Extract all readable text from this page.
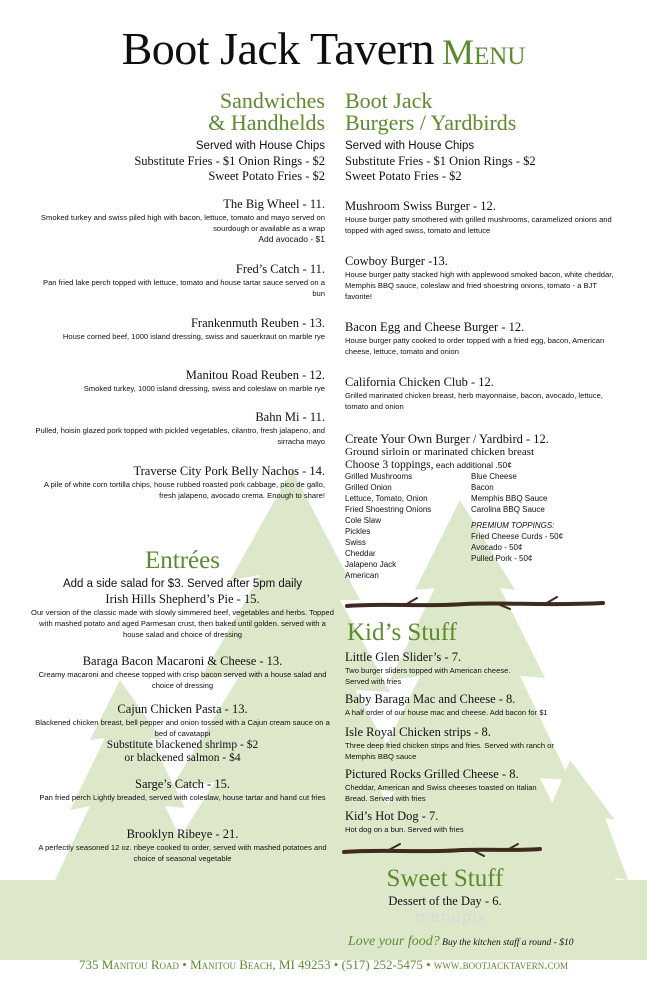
Boot Jack Tavern Menu
Sandwiches
& Handhelds
Served with House Chips
Substitute Fries - $1 Onion Rings - $2
Sweet Potato Fries - $2
The Big Wheel - 11.
Smoked turkey and swiss piled high with bacon, lettuce, tomato and mayo served on sourdough or available as a wrap
Add avocado - $1
Fred’s Catch - 11.
Pan fried lake perch topped with lettuce, tomato and house tartar sauce served on a bun
Frankenmuth Reuben - 13.
House corned beef, 1000 island dressing, swiss and sauerkraut on marble rye
Manitou Road Reuben - 12.
Smoked turkey, 1000 island dressing, swiss and coleslaw on marble rye
Bahn Mi - 11.
Pulled, hoisin glazed pork topped with pickled vegetables, cilantro, fresh jalapeno, and sirracha mayo
Traverse City Pork Belly Nachos - 14.
A pile of white corn tortilla chips, house rubbed roasted pork cabbage, pico de gallo, fresh jalapeno, avocado crema. Enough to share!
Entrées
Add a side salad for $3. Served after 5pm daily
Irish Hills Shepherd’s Pie - 15.
Our version of the classic made with slowly simmered beef, vegetables and herbs. Topped with mashed potato and aged Parmesan crust, then baked until golden. served with a house salad and choice of dressing
Baraga Bacon Macaroni & Cheese - 13.
Creamy macaroni and cheese topped with crisp bacon served with a house salad and choice of dressing
Cajun Chicken Pasta - 13.
Blackened chicken breast, bell pepper and onion tossed with a Cajun cream sauce on a bed of cavatappi
Substitute blackened shrimp - $2
or blackened salmon - $4
Sarge’s Catch - 15.
Pan fried perch Lightly breaded, served with coleslaw, house tartar and hand cut fries
Brooklyn Ribeye - 21.
A perfectly seasoned 12 oz. ribeye cooked to order, served with mashed potatoes and choice of seasonal vegetable
Boot Jack
Burgers / Yardbirds
Served with House Chips
Substitute Fries - $1 Onion Rings - $2
Sweet Potato Fries - $2
Mushroom Swiss Burger - 12.
House burger patty smothered with grilled mushrooms, caramelized onions and topped with aged swiss, tomato and lettuce
Cowboy Burger -13.
House burger patty stacked high with applewood smoked bacon, white cheddar, Memphis BBQ sauce, coleslaw and fried shoestring onions, tomato - a BJT favorite!
Bacon Egg and Cheese Burger - 12.
House burger patty cooked to order topped with a fried egg, bacon, American cheese, lettuce, tomato and onion
California Chicken Club - 12.
Grilled marinated chicken breast, herb mayonnaise, bacon, avocado, lettuce, tomato and onion
Create Your Own Burger / Yardbird - 12.
Ground sirloin or marinated chicken breast
Choose 3 toppings, each additional .50¢
Grilled Mushrooms
Grilled Onion
Lettuce, Tomato, Onion
Fried Shoestring Onions
Cole Slaw
Pickles
Swiss
Cheddar
Jalapeno Jack
American
Blue Cheese
Bacon
Memphis BBQ Sauce
Carolina BBQ Sauce
PREMIUM TOPPINGS:
Fried Cheese Curds - 50¢
Avocado - 50¢
Pulled Pork - 50¢
Kid’s Stuff
Little Glen Slider’s - 7.
Two burger sliders topped with American cheese. Served with fries
Baby Baraga Mac and Cheese - 8.
A half order of our house mac and cheese. Add bacon for $1
Isle Royal Chicken strips - 8.
Three deep fried chicken strips and fries. Served with ranch or Memphis BBQ sauce
Pictured Rocks Grilled Cheese - 8.
Cheddar, American and Swiss cheeses toasted on Italian Bread. Served with fries
Kid’s Hot Dog - 7.
Hot dog on a bun. Served with fries
Sweet Stuff
Dessert of the Day - 6.
menupix
Love your food? Buy the kitchen staff a round - $10
735 Manitou Road • Manitou Beach, MI 49253 • (517) 252-5475 • www.bootjacktavern.com
